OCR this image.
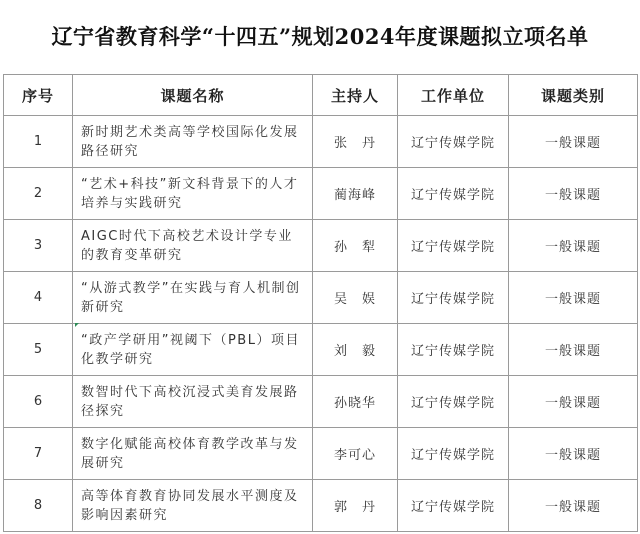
辽宁省教育科学“十四五”规划2024年度课题拟立项名单
序号	课题名称	主持人	工作单位	课题类别
1	新时期艺术类高等学校国际化发展路径研究	张　丹	辽宁传媒学院	一般课题
2	“艺术+科技”新文科背景下的人才培养与实践研究	蔺海峰	辽宁传媒学院	一般课题
3	AIGC时代下高校艺术设计学专业的教育变革研究	孙　犁	辽宁传媒学院	一般课题
4	“从游式教学”在实践与育人机制创新研究	吴　娱	辽宁传媒学院	一般课题
5	“政产学研用”视阈下（PBL）项目化教学研究	刘　毅	辽宁传媒学院	一般课题
6	数智时代下高校沉浸式美育发展路径探究	孙晓华	辽宁传媒学院	一般课题
7	数字化赋能高校体育教学改革与发展研究	李可心	辽宁传媒学院	一般课题
8	高等体育教育协同发展水平测度及影响因素研究	郭　丹	辽宁传媒学院	一般课题
